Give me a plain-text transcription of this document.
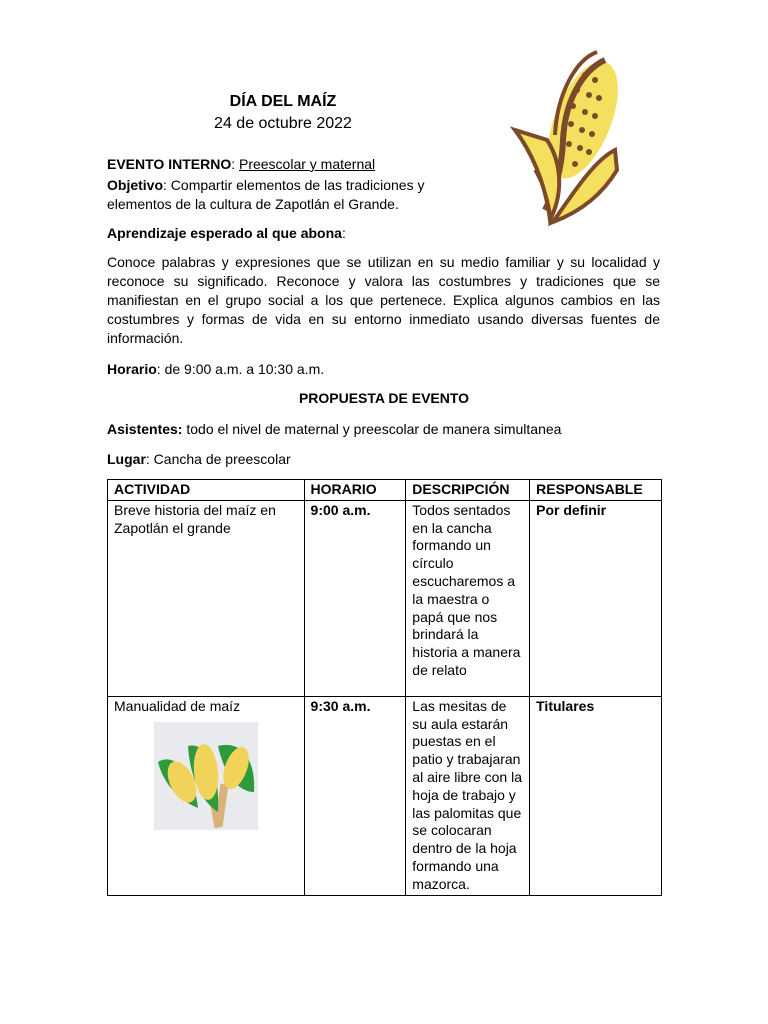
DÍA DEL MAÍZ
24 de octubre 2022
EVENTO INTERNO: Preescolar y maternal
Objetivo: Compartir elementos de las tradiciones y
elementos de la cultura de Zapotlán el Grande.
Aprendizaje esperado al que abona:
Conoce palabras y expresiones que se utilizan en su medio familiar y su localidad y reconoce su significado. Reconoce y valora las costumbres y tradiciones que se manifiestan en el grupo social a los que pertenece. Explica algunos cambios en las costumbres y formas de vida en su entorno inmediato usando diversas fuentes de información.
Horario: de 9:00 a.m. a 10:30 a.m.
PROPUESTA DE EVENTO
Asistentes: todo el nivel de maternal y preescolar de manera simultanea
Lugar: Cancha de preescolar
ACTIVIDAD	HORARIO	DESCRIPCIÓN	RESPONSABLE
Breve historia del maíz en Zapotlán el grande	9:00 a.m.	Todos sentados en la cancha formando un círculo escucharemos a la maestra o papá que nos brindará la historia a manera de relato	Por definir
Manualidad de maíz	9:30 a.m.	Las mesitas de su aula estarán puestas en el patio y trabajaran al aire libre con la hoja de trabajo y las palomitas que se colocaran dentro de la hoja formando una mazorca.	Titulares
